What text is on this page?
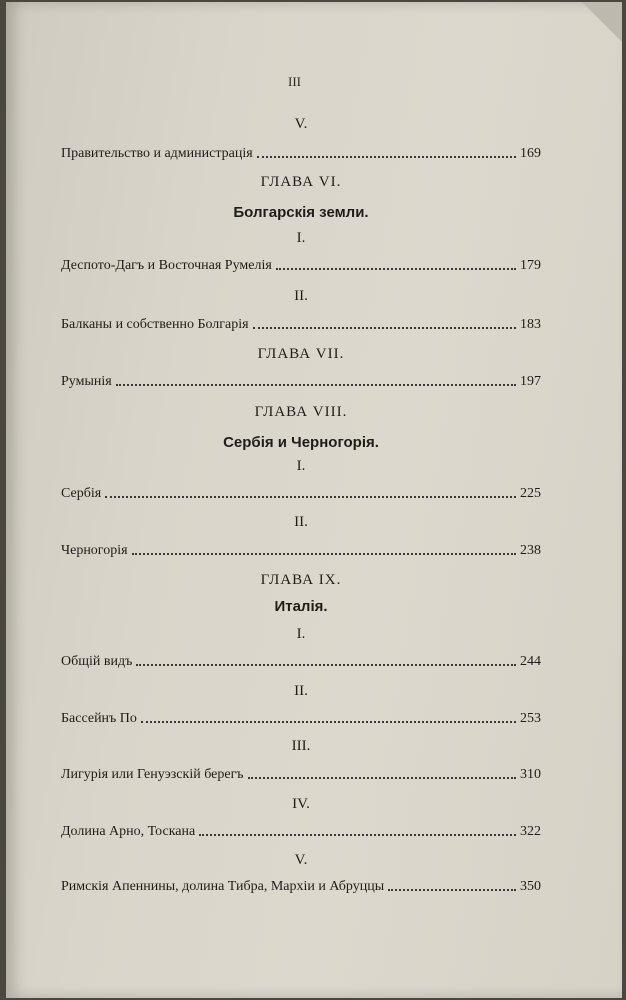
III
V.
Правительство и администрація	169
ГЛАВА VI.
Болгарскія земли.
I.
Деспото-Дагъ и Восточная Румелія	179
II.
Балканы и собственно Болгарія	183
ГЛАВА VII.
Румынія	197
ГЛАВА VIII.
Сербія и Черногорія.
I.
Сербія	225
II.
Черногорія	238
ГЛАВА IX.
Италія.
I.
Общій видъ	244
II.
Бассейнъ По	253
III.
Лигурія или Генуэзскій берегъ	310
IV.
Долина Арно, Тоскана	322
V.
Римскія Апеннины, долина Тибра, Мархіи и Абруццы	350
